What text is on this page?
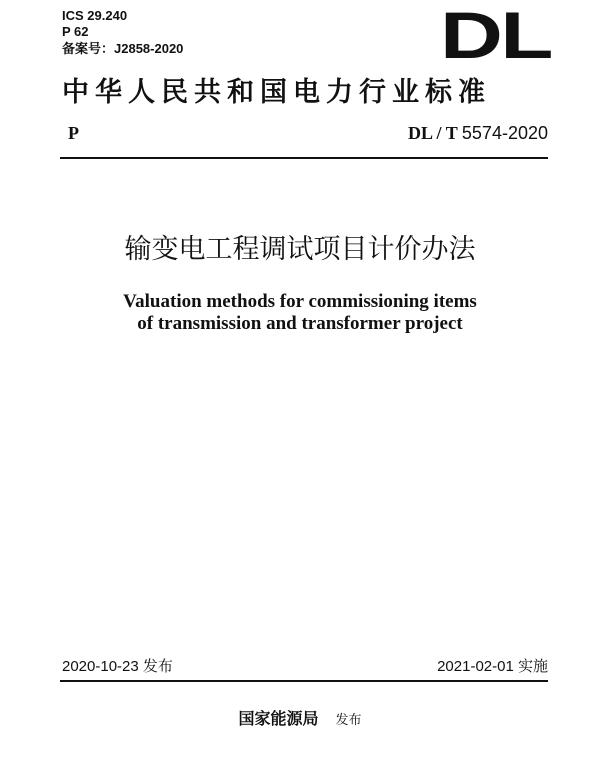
ICS 29.240
P 62
备案号：J2858-2020	DL
中华人民共和国电力行业标准
P	DL / T 5574-2020
输变电工程调试项目计价办法
Valuation methods for commissioning items
of transmission and transformer project
2020-10-23 发布	2021-02-01 实施
国家能源局 发布
